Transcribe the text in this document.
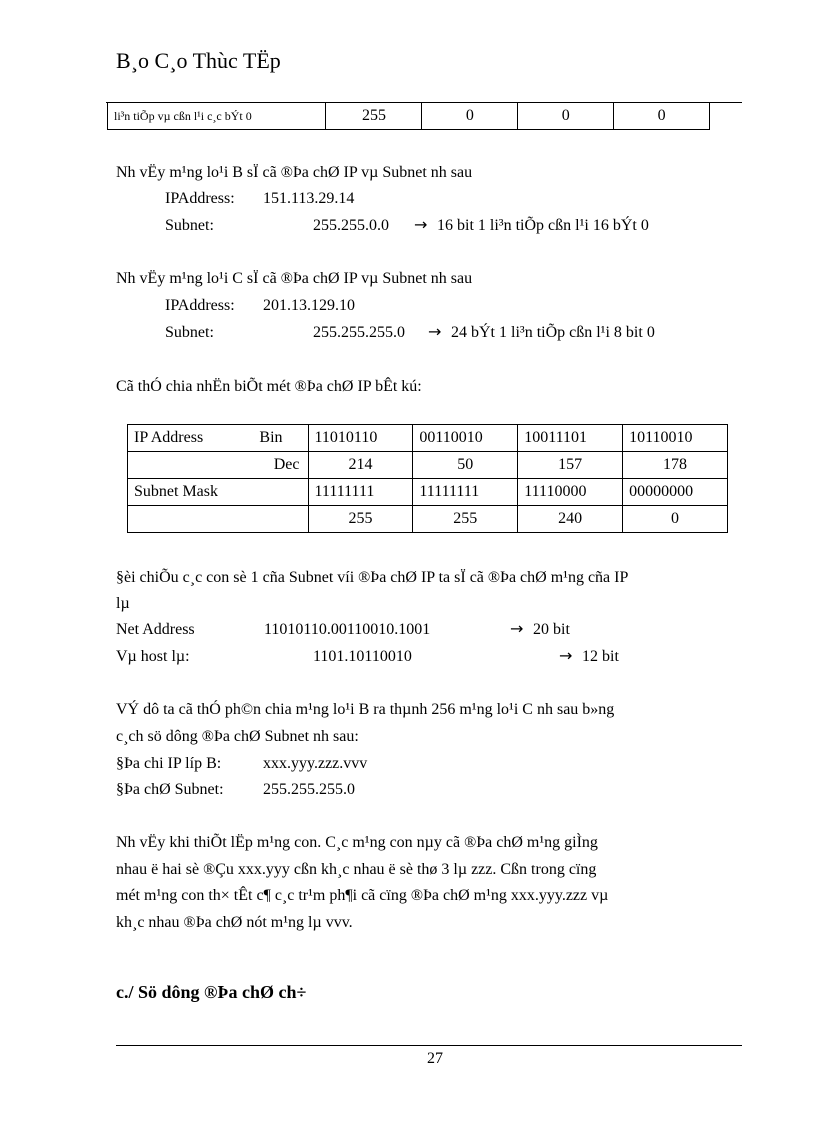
B¸o C¸o Thùc TËp
li³n tiÕp vµ cßn l¹i c¸c bÝt 0	255	0	0	0
Nh vËy m¹ng lo¹i B sÏ cã ®Þa chØ IP vµ Subnet nh sau
IPAddress: 151.113.29.14
Subnet:	255.255.0.0 → 16 bit 1 li³n tiÕp cßn l¹i 16 bÝt 0
Nh vËy m¹ng lo¹i C sÏ cã ®Þa chØ IP vµ Subnet nh sau
IPAddress: 201.13.129.10
Subnet:	255.255.255.0 → 24 bÝt 1 li³n tiÕp cßn l¹i 8 bit 0
Cã thÓ chia nhËn biÕt mét ®Þa chØ IP bÊt kú:
IP Address Bin	11010110	00110010	10011101	10110010
Dec	214	50	157	178
Subnet Mask	11111111	11111111	11110000	00000000
	255	255	240	0
§èi chiÕu c¸c con sè 1 cña Subnet víi ®Þa chØ IP ta sÏ cã ®Þa chØ m¹ng cña IP
lµ
Net Address	11010110.00110010.1001	→ 20 bit
Vµ host lµ:	1101.10110010	→ 12 bit
VÝ dô ta cã thÓ ph©n chia m¹ng lo¹i B ra thµnh 256 m¹ng lo¹i C nh sau b»ng
c¸ch sö dông ®Þa chØ Subnet nh sau:
§Þa chi IP líp B:	xxx.yyy.zzz.vvv
§Þa chØ Subnet: 255.255.255.0
Nh vËy khi thiÕt lËp m¹ng con. C¸c m¹ng con nµy cã ®Þa chØ m¹ng giÌng
nhau ë hai sè ®Çu xxx.yyy cßn kh¸c nhau ë sè thø 3 lµ zzz. Cßn trong cïng
mét m¹ng con th× tÊt c¶ c¸c tr¹m ph¶i cã cïng ®Þa chØ m¹ng xxx.yyy.zzz vµ
kh¸c nhau ®Þa chØ nót m¹ng lµ vvv.
c./ Sö dông ®Þa chØ ch÷
27
